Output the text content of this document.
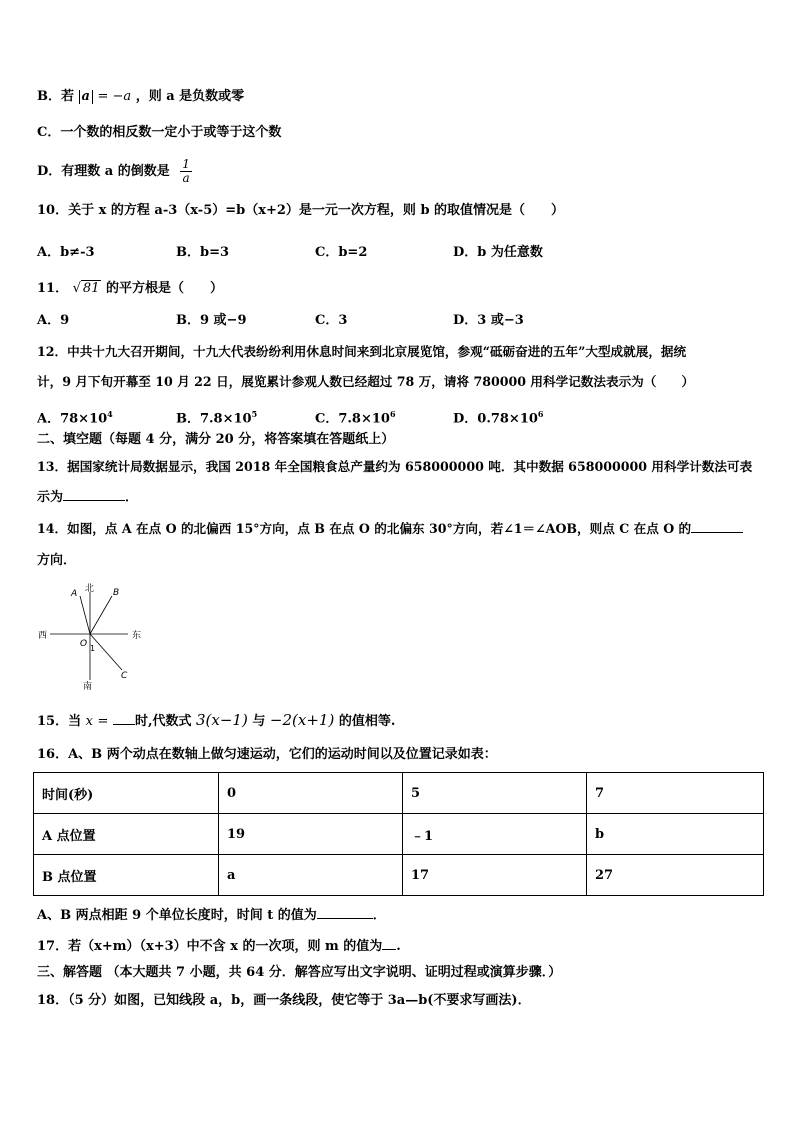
B．若 a = −a ，则 a 是负数或零
C．一个数的相反数一定小于或等于这个数
D．有理数 a 的倒数是 $\frac{1}{a}$
10．关于 x 的方程 a-3（x-5）=b（x+2）是一元一次方程，则 b 的取值情况是（　　）
A．b≠-3	B．b=3	C．b=2	D．b 为任意数
11． √ 81 的平方根是（　　）
A．9	B．9 或−9	C．3	D．3 或−3
12．中共十九大召开期间，十九大代表纷纷利用休息时间来到北京展览馆，参观“砥砺奋进的五年”大型成就展，据统
计，9 月下旬开幕至 10 月 22 日，展览累计参观人数已经超过 78 万，请将 780000 用科学记数法表示为（　　）
A．$78\times 10^4$	B．$7.8\times 10^5$	C．$7.8\times 10^6$	D．$0.78\times 10^6$
二、填空题（每题 4 分，满分 20 分，将答案填在答题纸上）
13．据国家统计局数据显示，我国 2018 年全国粮食总产量约为 658000000 吨．其中数据 658000000 用科学计数法可表
示为	．
14．如图，点 A 在点 O 的北偏西 15°方向，点 B 在点 O 的北偏东 30°方向，若∠1＝∠AOB，则点 C 在点 O 的
方向．
北
南
西	东
A	B
C
O 1
15．当 x = 时,代数式 3(x−1) 与 −2(x+1) 的值相等.
16．A、B 两个动点在数轴上做匀速运动，它们的运动时间以及位置记录如表：
时间(秒)	0	5	7
A 点位置	19	﹣1	b
B 点位置	a	17	27
A、B 两点相距 9 个单位长度时，时间 t 的值为	．
17．若（x+m）（x+3）中不含 x 的一次项，则 m 的值为 .
三、解答题 （本大题共 7 小题，共 64 分．解答应写出文字说明、证明过程或演算步骤．）
18．（5 分）如图，已知线段 a，b，画一条线段，使它等于 3a—b(不要求写画法)．
